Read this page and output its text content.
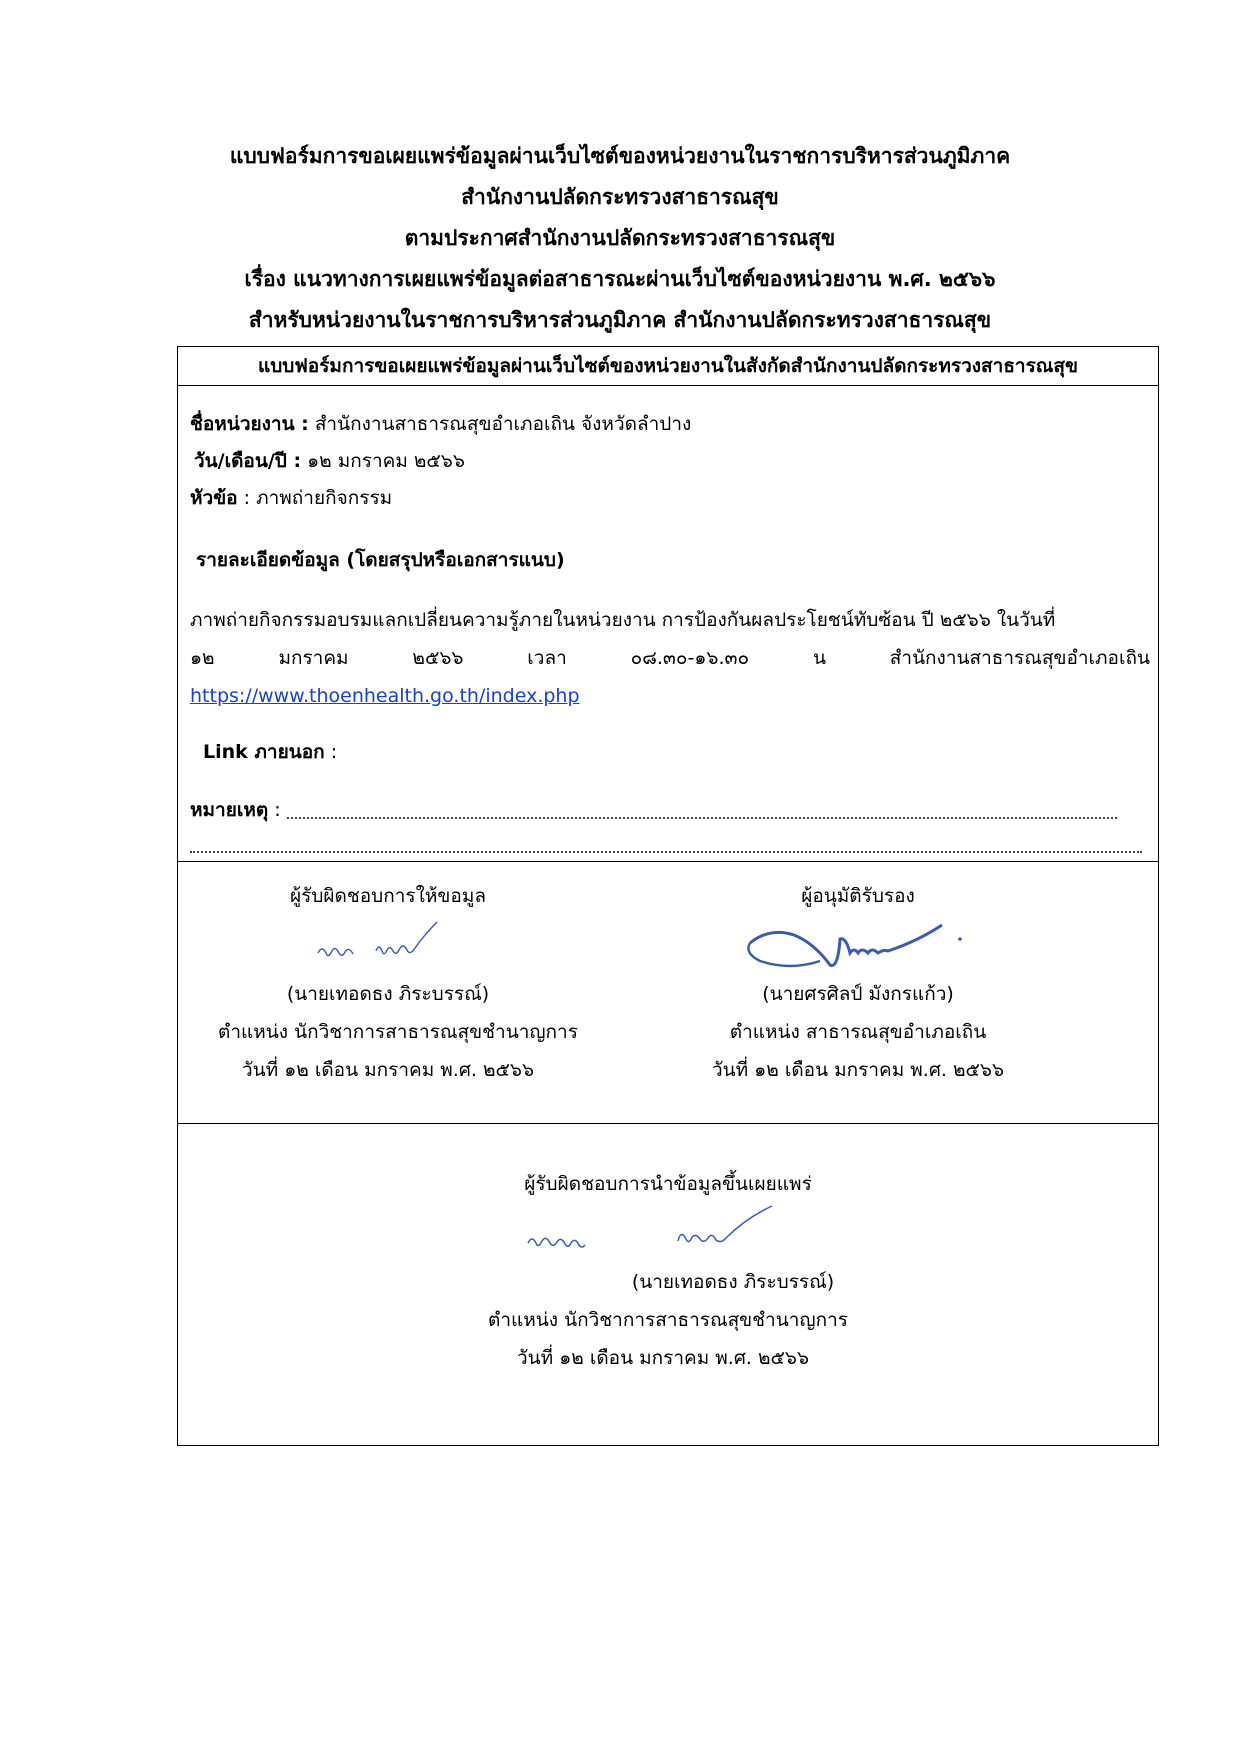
แบบฟอร์มการขอเผยแพร่ข้อมูลผ่านเว็บไซต์ของหน่วยงานในราชการบริหารส่วนภูมิภาค
สำนักงานปลัดกระทรวงสาธารณสุข
ตามประกาศสำนักงานปลัดกระทรวงสาธารณสุข
เรื่อง แนวทางการเผยแพร่ข้อมูลต่อสาธารณะผ่านเว็บไซต์ของหน่วยงาน พ.ศ. ๒๕๖๖
สำหรับหน่วยงานในราชการบริหารส่วนภูมิภาค สำนักงานปลัดกระทรวงสาธารณสุข
แบบฟอร์มการขอเผยแพร่ข้อมูลผ่านเว็บไซต์ของหน่วยงานในสังกัดสำนักงานปลัดกระทรวงสาธารณสุข
ชื่อหน่วยงาน : สำนักงานสาธารณสุขอำเภอเถิน จังหวัดลำปาง
วัน/เดือน/ปี : ๑๒ มกราคม ๒๕๖๖
หัวข้อ : ภาพถ่ายกิจกรรม
รายละเอียดข้อมูล (โดยสรุปหรือเอกสารแนบ)
ภาพถ่ายกิจกรรมอบรมแลกเปลี่ยนความรู้ภายในหน่วยงาน การป้องกันผลประโยชน์ทับซ้อน ปี ๒๕๖๖ ในวันที่
๑๒	มกราคม	๒๕๖๖	เวลา	๐๘.๓๐-๑๖.๓๐	น	สำนักงานสาธารณสุขอำเภอเถิน
https://www.thoenhealth.go.th/index.php
Link ภายนอก :
หมายเหตุ :
ผู้รับผิดชอบการให้ขอมูล
(นายเทอดธง ภิระบรรณ์)
ตำแหน่ง นักวิชาการสาธารณสุขชำนาญการ
วันที่ ๑๒ เดือน มกราคม พ.ศ. ๒๕๖๖
ผู้อนุมัติรับรอง
(นายศรศิลป์ มังกรแก้ว)
ตำแหน่ง สาธารณสุขอำเภอเถิน
วันที่ ๑๒ เดือน มกราคม พ.ศ. ๒๕๖๖
ผู้รับผิดชอบการนำข้อมูลขึ้นเผยแพร่
(นายเทอดธง ภิระบรรณ์)
ตำแหน่ง นักวิชาการสาธารณสุขชำนาญการ
วันที่ ๑๒ เดือน มกราคม พ.ศ. ๒๕๖๖
